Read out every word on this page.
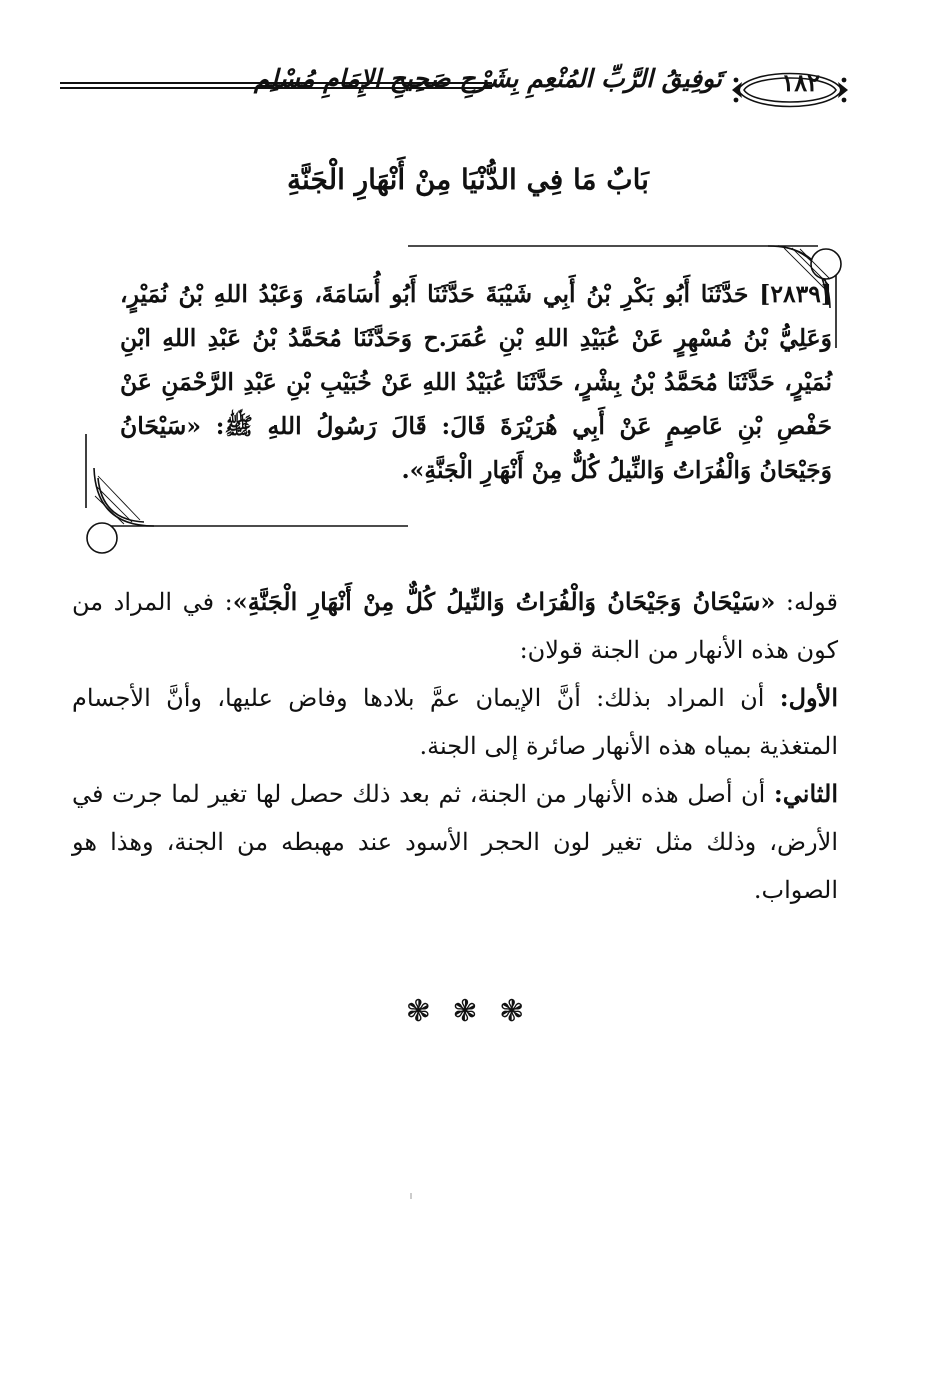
تَوفِيقُ الرَّبِّ المُنْعِمِ بِشَرْحِ صَحِيحِ الإِمَامِ مُسْلِم ١٨٢
بَابٌ مَا فِي الدُّنْيَا مِنْ أَنْهَارِ الْجَنَّةِ
[٢٨٣٩] حَدَّثَنَا أَبُو بَكْرِ بْنُ أَبِي شَيْبَةَ حَدَّثَنَا أَبُو أُسَامَةَ، وَعَبْدُ اللهِ بْنُ نُمَيْرٍ، وَعَلِيُّ بْنُ مُسْهِرٍ عَنْ عُبَيْدِ اللهِ بْنِ عُمَرَ.ح وَحَدَّثَنَا مُحَمَّدُ بْنُ عَبْدِ اللهِ ابْنِ نُمَيْرٍ، حَدَّثَنَا مُحَمَّدُ بْنُ بِشْرٍ، حَدَّثَنَا عُبَيْدُ اللهِ عَنْ خُبَيْبِ بْنِ عَبْدِ الرَّحْمَنِ عَنْ حَفْصِ بْنِ عَاصِمٍ عَنْ أَبِي هُرَيْرَةَ قَالَ: قَالَ رَسُولُ اللهِ ﷺ: «سَيْحَانُ وَجَيْحَانُ وَالْفُرَاتُ وَالنِّيلُ كُلٌّ مِنْ أَنْهَارِ الْجَنَّةِ».

قوله: «سَيْحَانُ وَجَيْحَانُ وَالْفُرَاتُ وَالنِّيلُ كُلٌّ مِنْ أَنْهَارِ الْجَنَّةِ»: في المراد من كون هذه الأنهار من الجنة قولان:

الأول: أن المراد بذلك: أنَّ الإيمان عمَّ بلادها وفاض عليها، وأنَّ الأجسام المتغذية بمياه هذه الأنهار صائرة إلى الجنة.

الثاني: أن أصل هذه الأنهار من الجنة، ثم بعد ذلك حصل لها تغير لما جرت في الأرض، وذلك مثل تغير لون الحجر الأسود عند مهبطه من الجنة، وهذا هو الصواب.

❃ ❃ ❃
